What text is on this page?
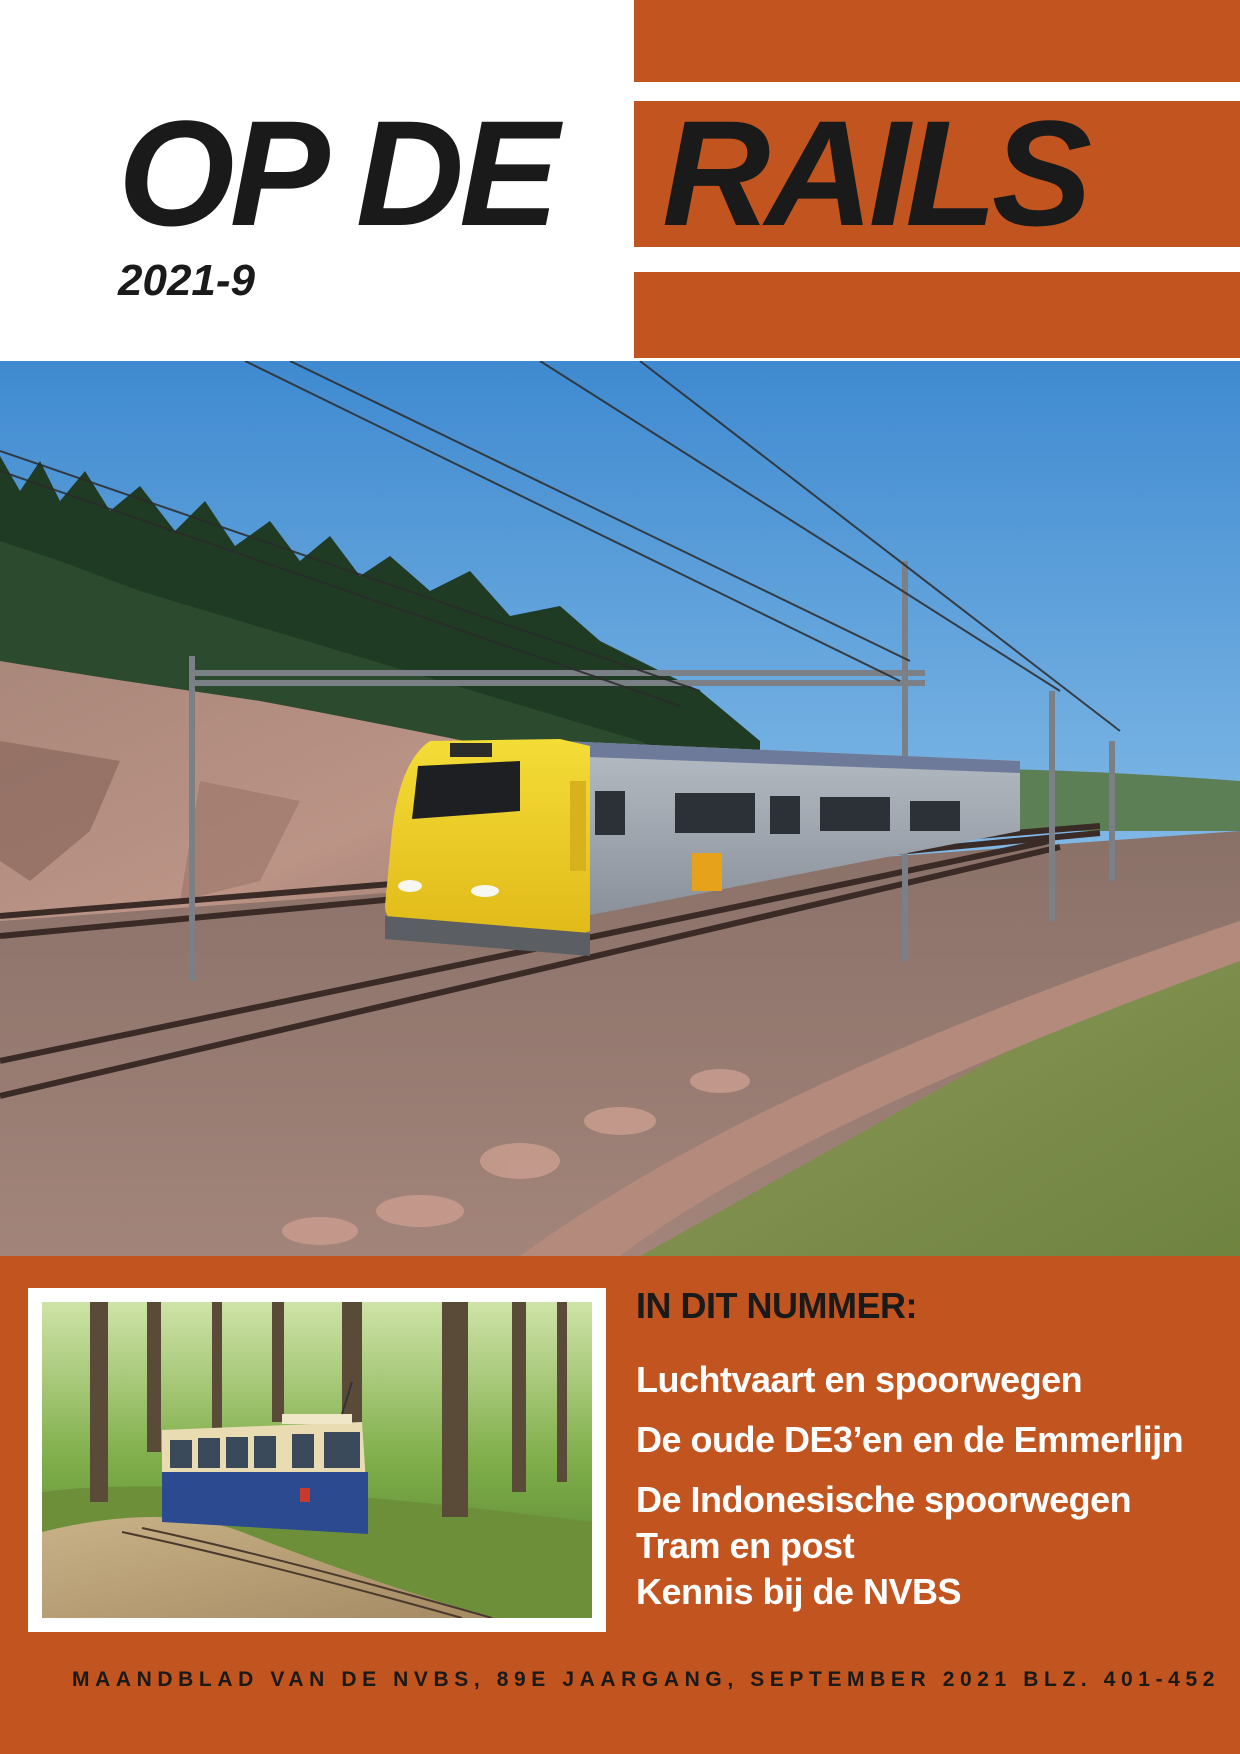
OP DE RAILS

2021-9

IN DIT NUMMER:
Luchtvaart en spoorwegen
De oude DE3’en en de Emmerlijn
De Indonesische spoorwegen
Tram en post
Kennis bij de NVBS

MAANDBLAD VAN DE NVBS, 89E JAARGANG, SEPTEMBER 2021 BLZ. 401-452
